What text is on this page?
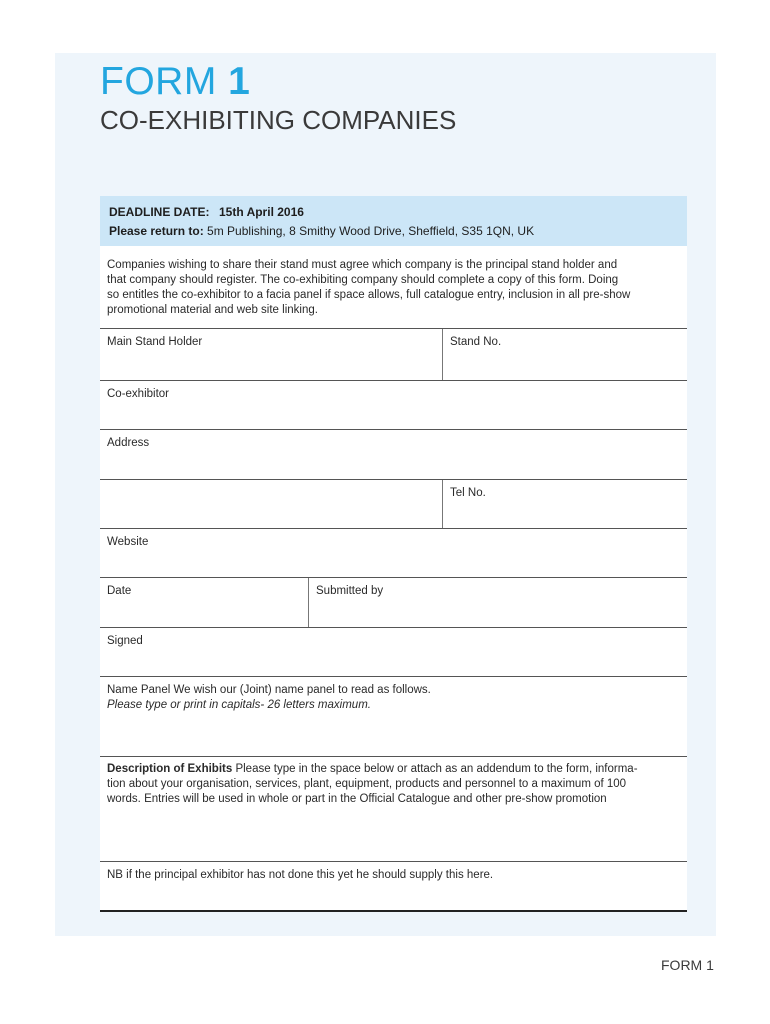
FORM 1
CO-EXHIBITING COMPANIES
DEADLINE DATE: 15th April 2016
Please return to: 5m Publishing, 8 Smithy Wood Drive, Sheffield, S35 1QN, UK
Companies wishing to share their stand must agree which company is the principal stand holder and
that company should register. The co-exhibiting company should complete a copy of this form. Doing
so entitles the co-exhibitor to a facia panel if space allows, full catalogue entry, inclusion in all pre-show
promotional material and web site linking.
Main Stand Holder	Stand No.
Co-exhibitor
Address
Tel No.
Website
Date	Submitted by
Signed
Name Panel We wish our (Joint) name panel to read as follows.
Please type or print in capitals- 26 letters maximum.
Description of Exhibits Please type in the space below or attach as an addendum to the form, informa-
tion about your organisation, services, plant, equipment, products and personnel to a maximum of 100
words. Entries will be used in whole or part in the Official Catalogue and other pre-show promotion
NB if the principal exhibitor has not done this yet he should supply this here.
FORM 1
